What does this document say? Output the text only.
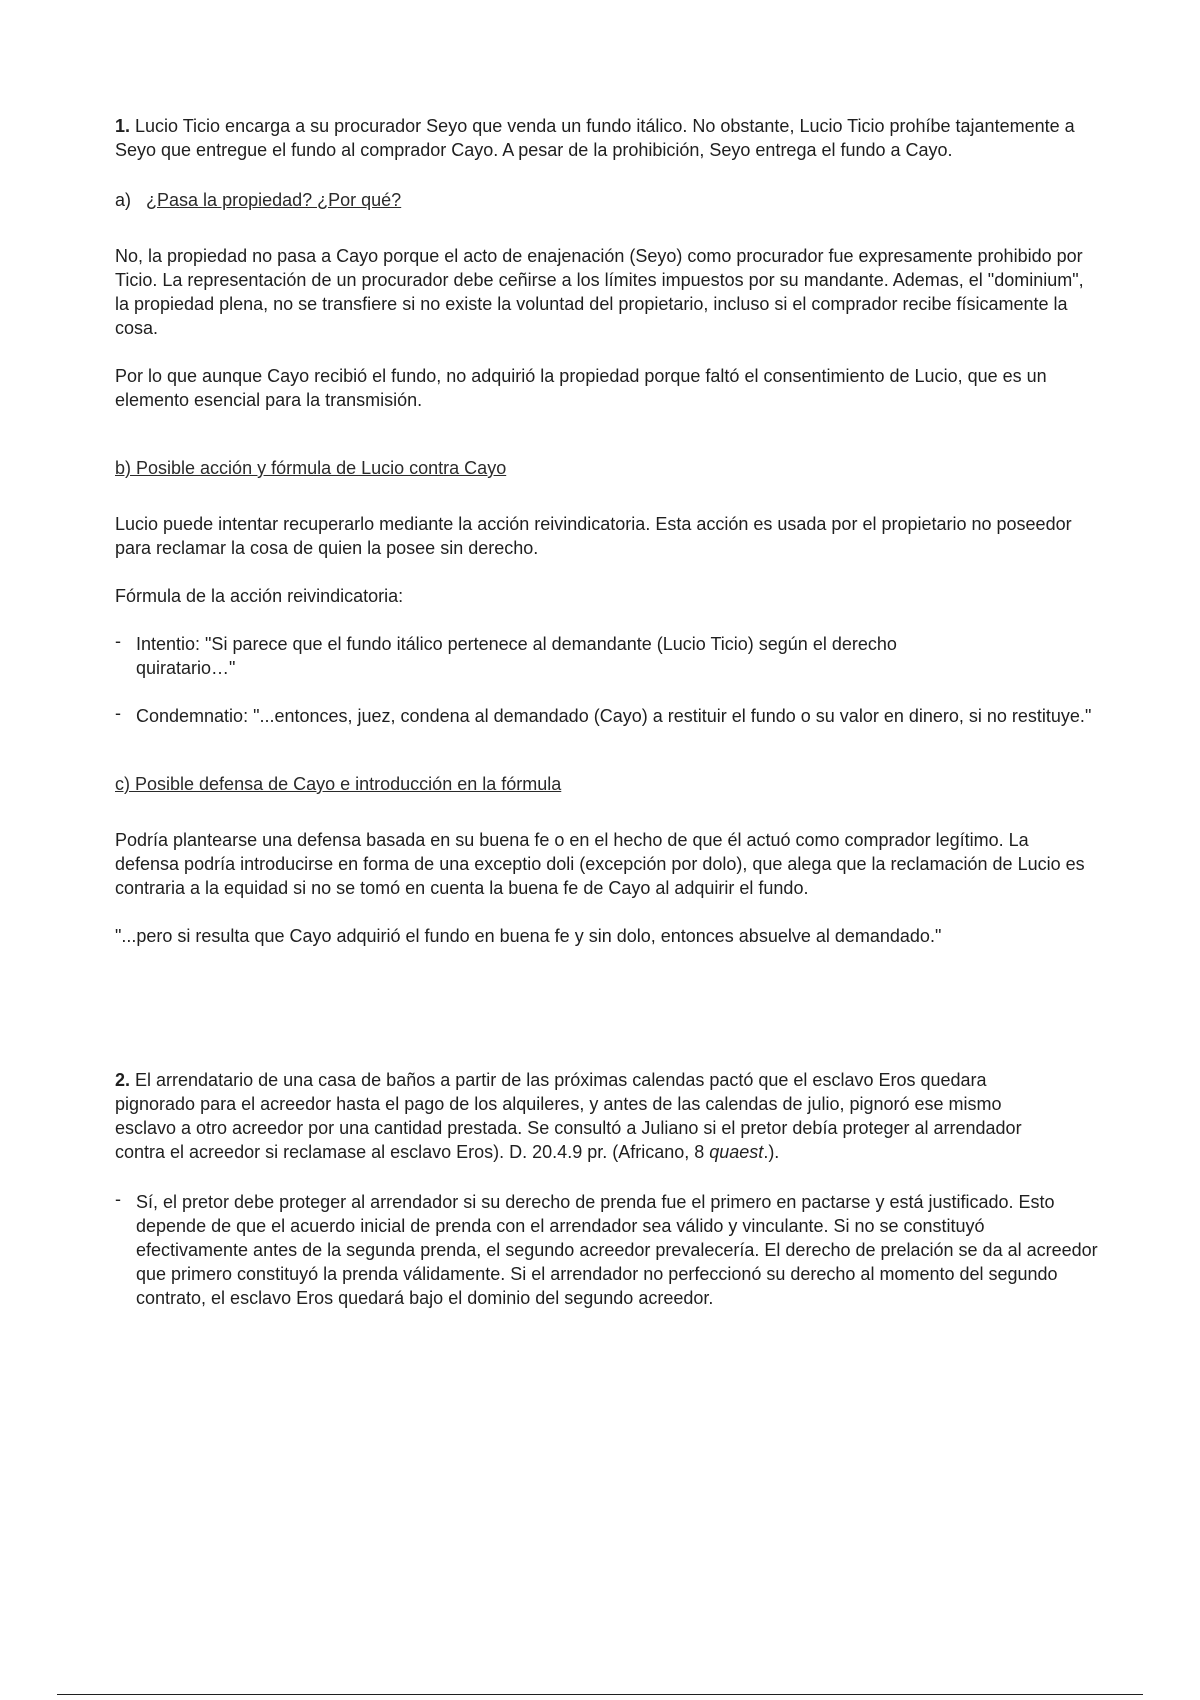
1. Lucio Ticio encarga a su procurador Seyo que venda un fundo itálico. No obstante, Lucio Ticio prohíbe tajantemente a Seyo que entregue el fundo al comprador Cayo. A pesar de la prohibición, Seyo entrega el fundo a Cayo.

a) ¿Pasa la propiedad? ¿Por qué?

No, la propiedad no pasa a Cayo porque el acto de enajenación (Seyo) como procurador fue expresamente prohibido por Ticio. La representación de un procurador debe ceñirse a los límites impuestos por su mandante. Ademas, el "dominium", la propiedad plena, no se transfiere si no existe la voluntad del propietario, incluso si el comprador recibe físicamente la cosa.

Por lo que aunque Cayo recibió el fundo, no adquirió la propiedad porque faltó el consentimiento de Lucio, que es un elemento esencial para la transmisión.

b) Posible acción y fórmula de Lucio contra Cayo

Lucio puede intentar recuperarlo mediante la acción reivindicatoria. Esta acción es usada por el propietario no poseedor para reclamar la cosa de quien la posee sin derecho.

Fórmula de la acción reivindicatoria:

- Intentio: "Si parece que el fundo itálico pertenece al demandante (Lucio Ticio) según el derecho quiratario…"
- Condemnatio: "...entonces, juez, condena al demandado (Cayo) a restituir el fundo o su valor en dinero, si no restituye."

c) Posible defensa de Cayo e introducción en la fórmula

Podría plantearse una defensa basada en su buena fe o en el hecho de que él actuó como comprador legítimo. La defensa podría introducirse en forma de una exceptio doli (excepción por dolo), que alega que la reclamación de Lucio es contraria a la equidad si no se tomó en cuenta la buena fe de Cayo al adquirir el fundo.

"...pero si resulta que Cayo adquirió el fundo en buena fe y sin dolo, entonces absuelve al demandado."

2. El arrendatario de una casa de baños a partir de las próximas calendas pactó que el esclavo Eros quedara pignorado para el acreedor hasta el pago de los alquileres, y antes de las calendas de julio, pignoró ese mismo esclavo a otro acreedor por una cantidad prestada. Se consultó a Juliano si el pretor debía proteger al arrendador contra el acreedor si reclamase al esclavo Eros). D. 20.4.9 pr. (Africano, 8 quaest.).

- Sí, el pretor debe proteger al arrendador si su derecho de prenda fue el primero en pactarse y está justificado. Esto depende de que el acuerdo inicial de prenda con el arrendador sea válido y vinculante. Si no se constituyó efectivamente antes de la segunda prenda, el segundo acreedor prevalecería. El derecho de prelación se da al acreedor que primero constituyó la prenda válidamente. Si el arrendador no perfeccionó su derecho al momento del segundo contrato, el esclavo Eros quedará bajo el dominio del segundo acreedor.
